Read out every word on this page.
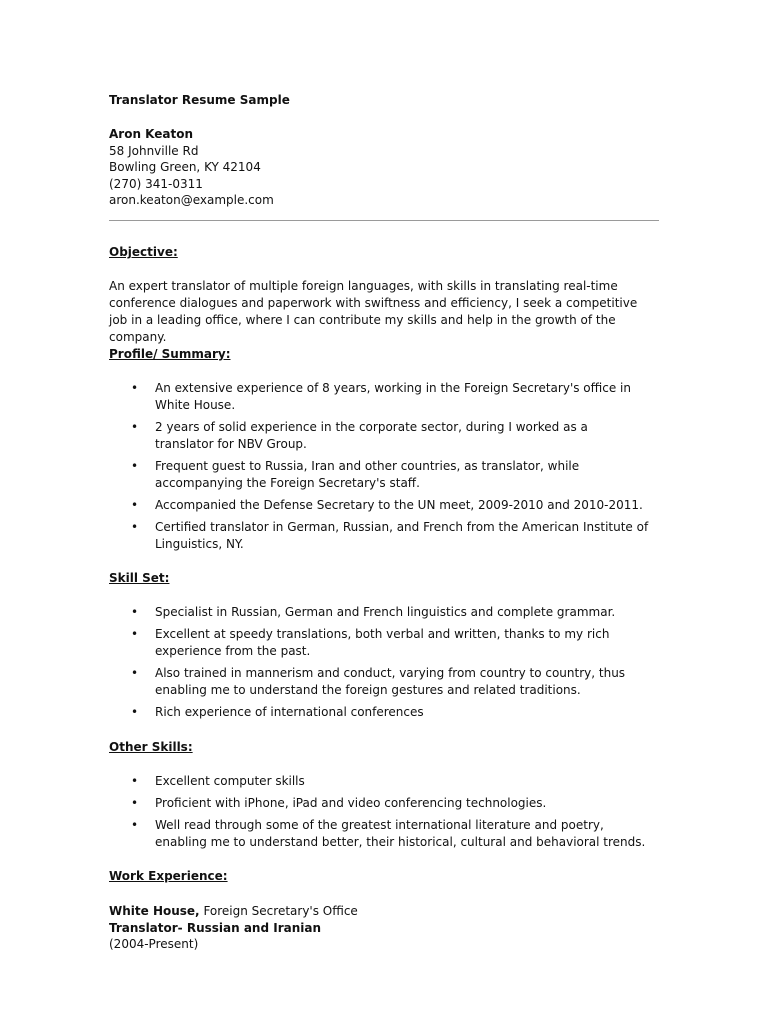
Translator Resume Sample
Aron Keaton
58 Johnville Rd
Bowling Green, KY 42104
(270) 341-0311
aron.keaton@example.com
Objective:
An expert translator of multiple foreign languages, with skills in translating real-time conference dialogues and paperwork with swiftness and efficiency, I seek a competitive job in a leading office, where I can contribute my skills and help in the growth of the company.
Profile/ Summary:
• An extensive experience of 8 years, working in the Foreign Secretary's office in White House.
• 2 years of solid experience in the corporate sector, during I worked as a translator for NBV Group.
• Frequent guest to Russia, Iran and other countries, as translator, while accompanying the Foreign Secretary's staff.
• Accompanied the Defense Secretary to the UN meet, 2009-2010 and 2010-2011.
• Certified translator in German, Russian, and French from the American Institute of Linguistics, NY.
Skill Set:
• Specialist in Russian, German and French linguistics and complete grammar.
• Excellent at speedy translations, both verbal and written, thanks to my rich experience from the past.
• Also trained in mannerism and conduct, varying from country to country, thus enabling me to understand the foreign gestures and related traditions.
• Rich experience of international conferences
Other Skills:
• Excellent computer skills
• Proficient with iPhone, iPad and video conferencing technologies.
• Well read through some of the greatest international literature and poetry, enabling me to understand better, their historical, cultural and behavioral trends.
Work Experience:
White House, Foreign Secretary's Office
Translator- Russian and Iranian
(2004-Present)
